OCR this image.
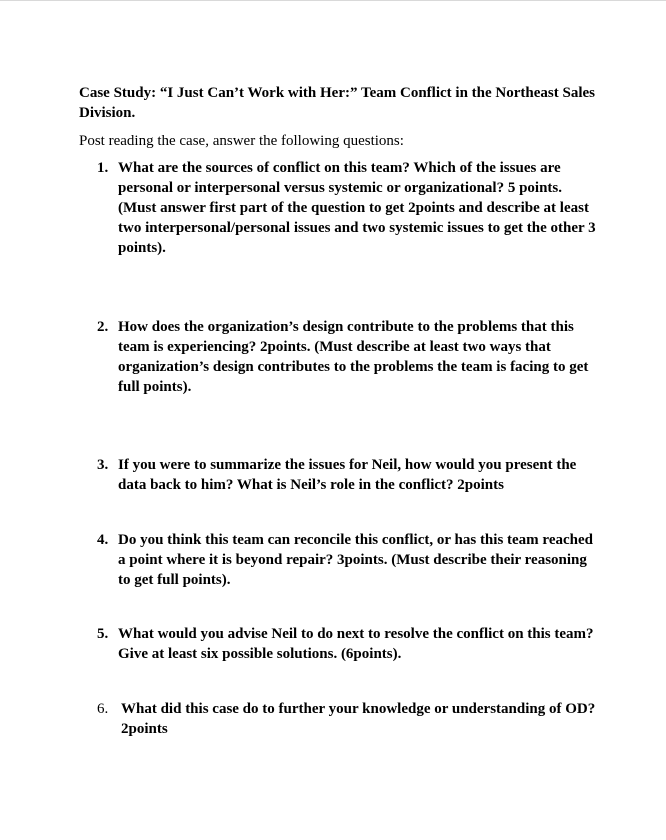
Case Study: “I Just Can’t Work with Her:” Team Conflict in the Northeast Sales Division.
Post reading the case, answer the following questions:
1. What are the sources of conflict on this team? Which of the issues are personal or interpersonal versus systemic or organizational? 5 points. (Must answer first part of the question to get 2points and describe at least two interpersonal/personal issues and two systemic issues to get the other 3 points).
2. How does the organization’s design contribute to the problems that this team is experiencing? 2points. (Must describe at least two ways that organization’s design contributes to the problems the team is facing to get full points).
3. If you were to summarize the issues for Neil, how would you present the data back to him? What is Neil’s role in the conflict? 2points
4. Do you think this team can reconcile this conflict, or has this team reached a point where it is beyond repair? 3points. (Must describe their reasoning to get full points).
5. What would you advise Neil to do next to resolve the conflict on this team? Give at least six possible solutions. (6points).
6. What did this case do to further your knowledge or understanding of OD? 2points
